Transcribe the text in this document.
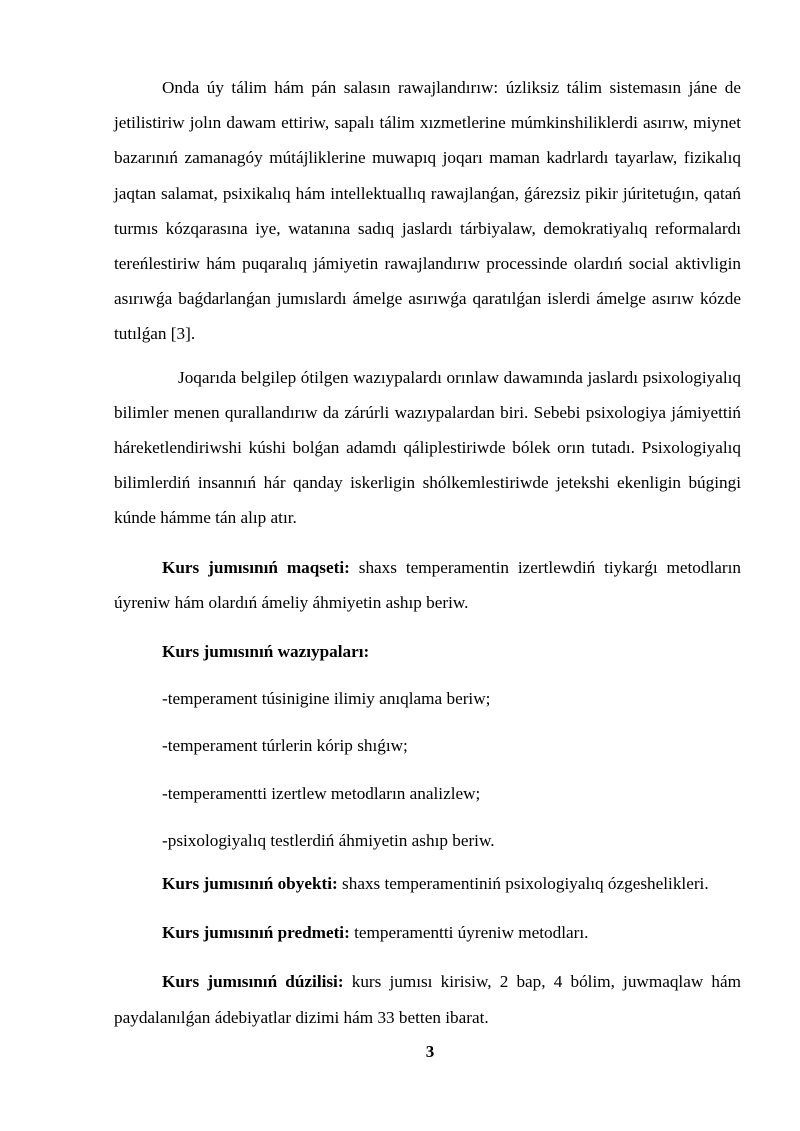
Onda úy tálim hám pán salasın rawajlandırıw: úzliksiz tálim sistemasın jáne de jetilistiriw jolın dawam ettiriw, sapalı tálim xızmetlerine múmkinshiliklerdi asırıw, miynet bazarınıń zamanagóy mútájliklerine muwapıq joqarı maman kadrlardı tayarlaw, fizikalıq jaqtan salamat, psixikalıq hám intellektuallıq rawajlanǵan, ǵárezsiz pikir júritetuǵın, qatań turmıs kózqarasına iye, watanına sadıq jaslardı tárbiyalaw, demokratiyalıq reformalardı tereńlestiriw hám puqaralıq jámiyetin rawajlandırıw processinde olardıń social aktivligin asırıwǵa baǵdarlanǵan jumıslardı ámelge asırıwǵa qaratılǵan islerdi ámelge asırıw kózde tutılǵan [3].

Joqarıda belgilep ótilgen wazıypalardı orınlaw dawamında jaslardı psixologiyalıq bilimler menen qurallandırıw da zárúrli wazıypalardan biri. Sebebi psixologiya jámiyettiń háreketlendiriwshi kúshi bolǵan adamdı qáliplestiriwde bólek orın tutadı. Psixologiyalıq bilimlerdiń insannıń hár qanday iskerligin shólkemlestiriwde jetekshi ekenligin búgingi kúnde hámme tán alıp atır.

Kurs jumısınıń maqseti: shaxs temperamentin izertlewdiń tiykarǵı metodların úyreniw hám olardıń ámeliy áhmiyetin ashıp beriw.

Kurs jumısınıń wazıypaları:

-temperament túsinigine ilimiy anıqlama beriw;

-temperament túrlerin kórip shıǵıw;

-temperamentti izertlew metodların analizlew;

-psixologiyalıq testlerdiń áhmiyetin ashıp beriw.

Kurs jumısınıń obyekti: shaxs temperamentiniń psixologiyalıq ózgeshelikleri.

Kurs jumısınıń predmeti: temperamentti úyreniw metodları.

Kurs jumısınıń dúzilisi: kurs jumısı kirisiw, 2 bap, 4 bólim, juwmaqlaw hám paydalanılǵan ádebiyatlar dizimi hám 33 betten ibarat.

3
